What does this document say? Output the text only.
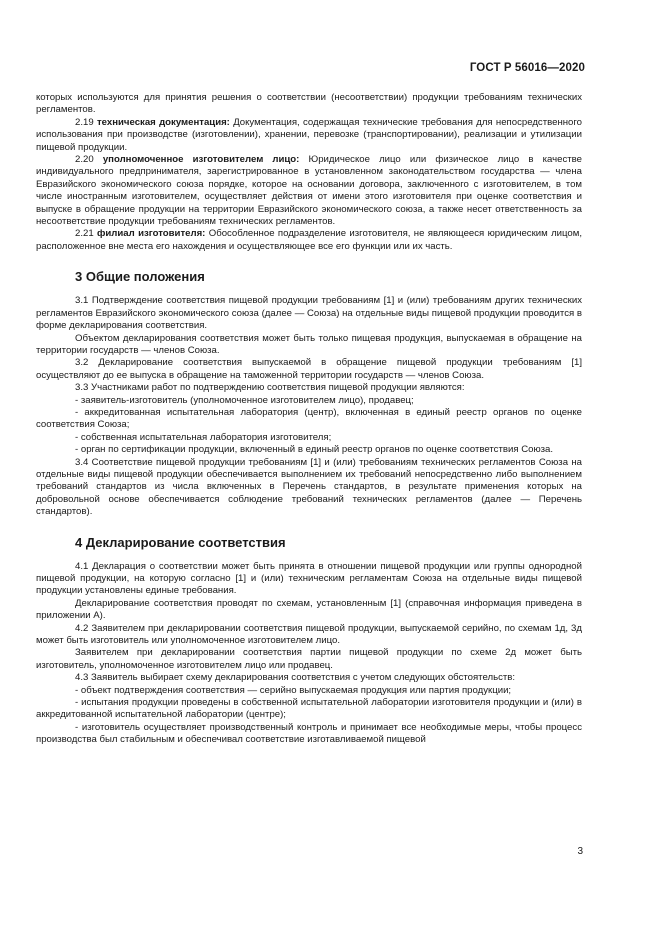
ГОСТ Р 56016—2020

которых используются для принятия решения о соответствии (несоответствии) продукции требованиям технических регламентов.

2.19 техническая документация: Документация, содержащая технические требования для непосредственного использования при производстве (изготовлении), хранении, перевозке (транспортировании), реализации и утилизации пищевой продукции.

2.20 уполномоченное изготовителем лицо: Юридическое лицо или физическое лицо в качестве индивидуального предпринимателя, зарегистрированное в установленном законодательством государства — члена Евразийского экономического союза порядке, которое на основании договора, заключенного с изготовителем, в том числе иностранным изготовителем, осуществляет действия от имени этого изготовителя при оценке соответствия и выпуске в обращение продукции на территории Евразийского экономического союза, а также несет ответственность за несоответствие продукции требованиям технических регламентов.

2.21 филиал изготовителя: Обособленное подразделение изготовителя, не являющееся юридическим лицом, расположенное вне места его нахождения и осуществляющее все его функции или их часть.

3 Общие положения

3.1 Подтверждение соответствия пищевой продукции требованиям [1] и (или) требованиям других технических регламентов Евразийского экономического союза (далее — Союза) на отдельные виды пищевой продукции проводится в форме декларирования соответствия.

Объектом декларирования соответствия может быть только пищевая продукция, выпускаемая в обращение на территории государств — членов Союза.

3.2 Декларирование соответствия выпускаемой в обращение пищевой продукции требованиям [1] осуществляют до ее выпуска в обращение на таможенной территории государств — членов Союза.

3.3 Участниками работ по подтверждению соответствия пищевой продукции являются:

- заявитель-изготовитель (уполномоченное изготовителем лицо), продавец;

- аккредитованная испытательная лаборатория (центр), включенная в единый реестр органов по оценке соответствия Союза;

- собственная испытательная лаборатория изготовителя;

- орган по сертификации продукции, включенный в единый реестр органов по оценке соответствия Союза.

3.4 Соответствие пищевой продукции требованиям [1] и (или) требованиям технических регламентов Союза на отдельные виды пищевой продукции обеспечивается выполнением их требований непосредственно либо выполнением требований стандартов из числа включенных в Перечень стандартов, в результате применения которых на добровольной основе обеспечивается соблюдение требований технических регламентов (далее — Перечень стандартов).

4 Декларирование соответствия

4.1 Декларация о соответствии может быть принята в отношении пищевой продукции или группы однородной пищевой продукции, на которую согласно [1] и (или) техническим регламентам Союза на отдельные виды пищевой продукции установлены единые требования.

Декларирование соответствия проводят по схемам, установленным [1] (справочная информация приведена в приложении А).

4.2 Заявителем при декларировании соответствия пищевой продукции, выпускаемой серийно, по схемам 1д, 3д может быть изготовитель или уполномоченное изготовителем лицо.

Заявителем при декларировании соответствия партии пищевой продукции по схеме 2д может быть изготовитель, уполномоченное изготовителем лицо или продавец.

4.3 Заявитель выбирает схему декларирования соответствия с учетом следующих обстоятельств:

- объект подтверждения соответствия — серийно выпускаемая продукция или партия продукции;

- испытания продукции проведены в собственной испытательной лаборатории изготовителя продукции и (или) в аккредитованной испытательной лаборатории (центре);

- изготовитель осуществляет производственный контроль и принимает все необходимые меры, чтобы процесс производства был стабильным и обеспечивал соответствие изготавливаемой пищевой

3
